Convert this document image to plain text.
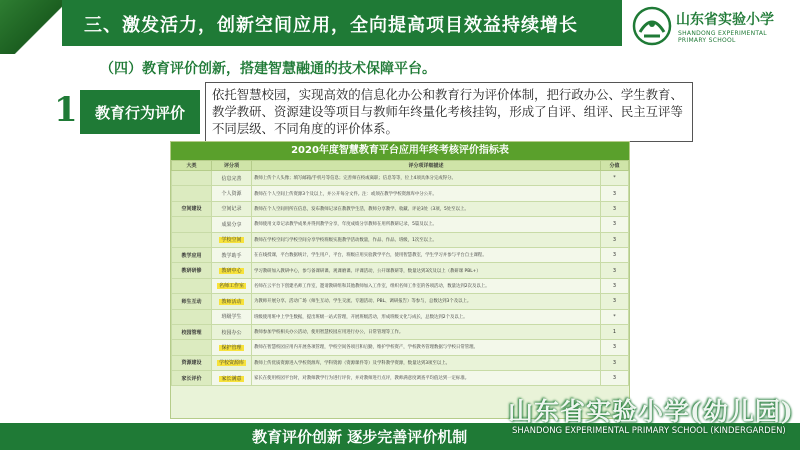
三、激发活力，创新空间应用，全向提高项目效益持续增长	山东省实验小学
SHANDONG EXPERIMENTAL
PRIMARY SCHOOL
（四）教育评价创新，搭建智慧融通的技术保障平台。
1	教育行为评价
依托智慧校园，实现高效的信息化办公和教育行为评价体制，把行政办公、学生教育、教学教研、资源建设等项目与教师年终量化考核挂钩，形成了自评、组评、民主互评等不同层级、不同角度的评价体系。
2020年度智慧教育平台应用年终考核评价指标表
大类	评分项	评分项详细描述	分值
	信息完善	教师上传个人头像；填写邮箱/手机号等信息；完善师在校或离职；信息等等，位上4项具体分完成得分。	*
	个人资源	教师在个人空间上传资源3个及以上，并公开每分文件。注：或须在教学学校资源库中分公开。	3
空间建设	空间记录	教师在个人空间用所在信息，发布教师记录在教教学生活，教师分享教学、收藏、评论3处（3项，5处至以上。	3
	成果分享	教师使用文章记录教学成果并得到教学分享，年度成绩分享教师在用所教研记录，5篇及以上。	3
	学校空间	教师在学校空间与学校空间分享学校班级实施教学活动数量，作品、作品、班级，1次至以上。	3
教学应用	教学助手	在在线授课，平台数据统计，学生用户，平台，班级应用实验教学平台，使用智慧教室，学生学习并参与平台自主课程。	3
教研研修	教研中心	学习教研加入教研中心，参与备课研课、观课磨课、评课活动，公开课教研等，数量达到3次及以上（教研课 PBL+）	3
	名师工作室	名师在云平台下创建名师工作室，邀请教研组和其他教师加入工作室，组织名师工作室的各项活动，数量达到2次及以上。	3
师生互动	教师活动	为教师开展分享、活动广场（师生互动、学生交流、专题活动、PBL、调研报告）等参与，总数达到3个及以上。	3
	班级学生	班级使用班中上学生数据，提出班级一站式管理，开展班级活动，形成班级文化与成长，总数达到2个及以上。	*
校园管理	校园办公	教师参加学校相关办公活动，使用智慧校园应用进行办公，日常管理等工作。	1
	保护管理	教师在智慧校园应用内开展各项管理，学校空间各项目和后勤，维护学校资产，学校教务管理数据与学校日常管理。	3
资源建设	学校资源库	教师上传优质资源进入学校资源库，学科资源（资源课件等）及学科教学资源，数量达到3项至以上。	3
家长评价	家长满意	家长在使用校园平台时，对教师教学行为进行评价，并对教师进行点评，教师满意度调查平均值达到一定标准。	3
教育评价创新 逐步完善评价机制
山东省实验小学(幼儿园)
SHANDONG EXPERIMENTAL PRIMARY SCHOOL (KINDERGARDEN)
